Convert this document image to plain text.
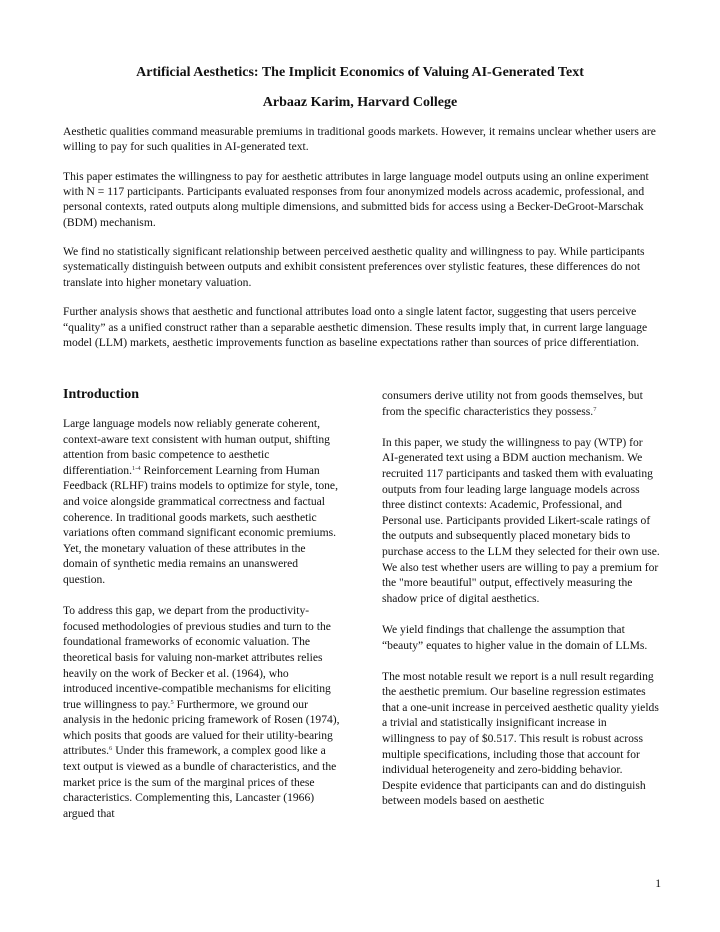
Artificial Aesthetics: The Implicit Economics of Valuing AI-Generated Text
Arbaaz Karim, Harvard College

Aesthetic qualities command measurable premiums in traditional goods markets. However, it remains unclear whether users are willing to pay for such qualities in AI-generated text.

This paper estimates the willingness to pay for aesthetic attributes in large language model outputs using an online experiment with N = 117 participants. Participants evaluated responses from four anonymized models across academic, professional, and personal contexts, rated outputs along multiple dimensions, and submitted bids for access using a Becker-DeGroot-Marschak (BDM) mechanism.

We find no statistically significant relationship between perceived aesthetic quality and willingness to pay. While participants systematically distinguish between outputs and exhibit consistent preferences over stylistic features, these differences do not translate into higher monetary valuation.

Further analysis shows that aesthetic and functional attributes load onto a single latent factor, suggesting that users perceive “quality” as a unified construct rather than a separable aesthetic dimension. These results imply that, in current large language model (LLM) markets, aesthetic improvements function as baseline expectations rather than sources of price differentiation.

Introduction

Large language models now reliably generate coherent, context-aware text consistent with human output, shifting attention from basic competence to aesthetic differentiation.$^{1-4}$ Reinforcement Learning from Human Feedback (RLHF) trains models to optimize for style, tone, and voice alongside grammatical correctness and factual coherence. In traditional goods markets, such aesthetic variations often command significant economic premiums. Yet, the monetary valuation of these attributes in the domain of synthetic media remains an unanswered question.

To address this gap, we depart from the productivity-focused methodologies of previous studies and turn to the foundational frameworks of economic valuation. The theoretical basis for valuing non-market attributes relies heavily on the work of Becker et al. (1964), who introduced incentive-compatible mechanisms for eliciting true willingness to pay.$^5$ Furthermore, we ground our analysis in the hedonic pricing framework of Rosen (1974), which posits that goods are valued for their utility-bearing attributes.$^6$ Under this framework, a complex good like a text output is viewed as a bundle of characteristics, and the market price is the sum of the marginal prices of these characteristics. Complementing this, Lancaster (1966) argued that

consumers derive utility not from goods themselves, but from the specific characteristics they possess.$^7$

In this paper, we study the willingness to pay (WTP) for AI-generated text using a BDM auction mechanism. We recruited 117 participants and tasked them with evaluating outputs from four leading large language models across three distinct contexts: Academic, Professional, and Personal use. Participants provided Likert-scale ratings of the outputs and subsequently placed monetary bids to purchase access to the LLM they selected for their own use. We also test whether users are willing to pay a premium for the "more beautiful" output, effectively measuring the shadow price of digital aesthetics.

We yield findings that challenge the assumption that “beauty” equates to higher value in the domain of LLMs.

The most notable result we report is a null result regarding the aesthetic premium. Our baseline regression estimates that a one-unit increase in perceived aesthetic quality yields a trivial and statistically insignificant increase in willingness to pay of $0.517. This result is robust across multiple specifications, including those that account for individual heterogeneity and zero-bidding behavior. Despite evidence that participants can and do distinguish between models based on aesthetic

1
